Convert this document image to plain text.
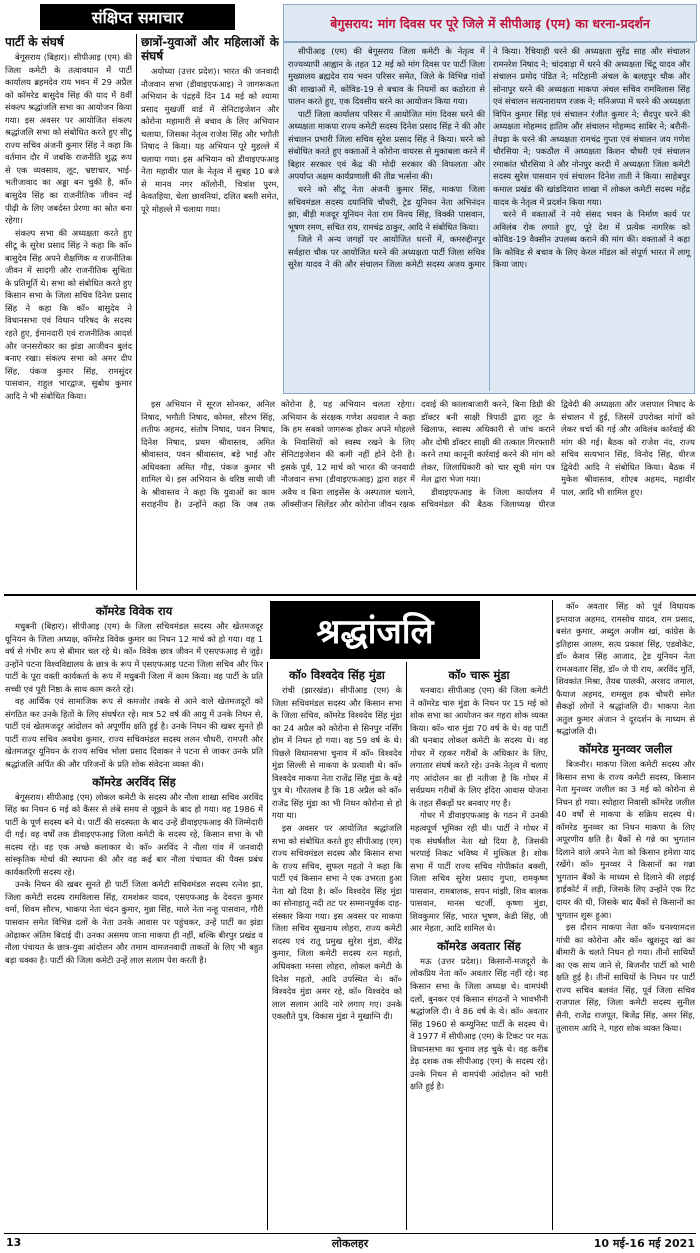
संक्षिप्त समाचार	बेगुसराय: मांग दिवस पर पूरे जिले में सीपीआइ (एम) का धरना-प्रदर्शन
पार्टी के संघर्ष

बेगूसराय (बिहार)। सीपीआइ (एम) की जिला कमेटी के तत्वावधान में पार्टी कार्यालय ब्रहमदेव राय भवन में 29 अप्रैल को कॉमरेड बासुदेव सिंह की याद में 8वीं संकल्प श्रद्धांजलि सभा का आयोजन किया गया। इस अवसर पर आयोजित संकल्प श्रद्धांजलि सभा को संबोधित करते हुए सीटू राज्य सचिव अंजनी कुमार सिंह ने कहा कि वर्तमान दौर में जबकि राजनीति शुद्ध रूप से एक व्यवसाय, लूट, भ्रष्टाचार, भाई-भतीजावाद का अड्डा बन चुकी है, कॉ० बासुदेव सिंह का राजनीतिक जीवन नई पीढ़ी के लिए जबर्दस्त प्रेरणा का स्रोत बना रहेगा।

संकल्प सभा की अध्यक्षता करते हुए सीटू के सुरेश प्रसाद सिंह ने कहा कि कॉ० बासुदेव सिंह अपने शैक्षणिक व राजनीतिक जीवन में सादगी और राजनीतिक सुचिता के प्रतिमूर्ति थे। सभा को संबोधित करते हुए किसान सभा के जिला सचिव दिनेश प्रसाद सिंह ने कहा कि कॉ० बासुदेव ने विधानसभा एवं विधान परिषद के सदस्य रहते हुए, ईमानदारी एवं राजनीतिक आदर्श और जनसरोकार का झंडा आजीवन बुलंद बनाए रखा। संकल्प सभा को अमर दीप सिंह, पंकज कुमार सिंह, रामसुंदर पासवान, राहुल भारद्वाज, सुबोध कुमार आदि ने भी संबोधित किया।

छात्रों-युवाओं और महिलाओं के संघर्ष

अयोध्या (उत्तर प्रदेश)। भारत की जनवादी नौजवान सभा (डीवाइएफआइ) ने जागरूकता अभियान के पंद्रहवें दिन 14 मई को श्यामा प्रसाद मुखर्जी वार्ड में सेनिटाइजेशन और कोरोना महामारी से बचाव के लिए अभियान चलाया, जिसका नेतृत्व राजेश सिंह और भगौती निषाद ने किया। यह अभियान पूरे मुहल्ले में चलाया गया। इस अभियान को डीवाइएफआइ नेता महावीर पाल के नेतृत्व में सुबह 10 बजे से मानव नगर कॉलोनी, चित्रांश पुरम, केवतहिया, चेला छावनियां, दलित बस्ती समेत, पूरे मोहल्ले में चलाया गया।

सीपीआइ (एम) की बेगूसराय जिला कमेटी के नेतृत्व में राज्यव्यापी आह्वान के तहत 12 मई को मांग दिवस पर पार्टी जिला मुख्यालय ब्रह्मदेव राय भवन परिसर समेत, जिले के विभिन्न गांवों की शाखाओं में, कोविड-19 से बचाव के नियमों का कठोरता से पालन करते हुए, एक दिवसीय धरने का आयोजन किया गया।

पार्टी जिला कार्यालय परिसर में आयोजित मांग दिवस धरने की अध्यक्षता माकपा राज्य कमेटी सदस्य दिनेश प्रसाद सिंह ने की और संचालन प्रभारी जिला सचिव सुरेश प्रसाद सिंह ने किया। धरने को संबोधित करते हुए वक्ताओं ने कोरोना वायरस से मुकाबला करने में बिहार सरकार एवं केंद्र की मोदी सरकार की विफलता और अपर्याप्त अक्षम कार्यप्रणाली की तीव्र भर्त्सना की।

धरने को सीटू नेता अंजनी कुमार सिंह, माकपा जिला सचिवमंडल सदस्य दयानिधि चौधरी, ट्रेड यूनियन नेता अभिनंदन झा, बीड़ी मजदूर यूनियन नेता राम विनय सिंह, विक्की पासवान, भूषण रमण, सचित राय, रामचंद्र ठाकुर, आदि ने संबोधित किया।

जिले में अन्य जगहों पर आयोजित धरनों में, कमरुद्दीनपुर सर्वहारा चौक पर आयोजित धरने की अध्यक्षता पार्टी जिला सचिव सुरेश यादव ने की और संचालन जिला कमेटी सदस्य अजय कुमार ने किया। रैचियाही धरने की अध्यक्षता सुरेंद्र साह और संचालन रामनरेश निषाद ने; चांदवाड़ा में धरने की अध्यक्षता चिंटू यादव और संचालन प्रमोद पंडित ने; मटिहानी अंचल के बलहपुर चौक और सोनापुर धरने की अध्यक्षता माकपा अंचल सचिव रामविलास सिंह एवं संचालन सत्यनारायण रजक ने; मनिअप्पा में धरने की अध्यक्षता विपिन कुमार सिंह एवं संचालन रंजीत कुमार ने; सैदपुर धरने की अध्यक्षता मोहम्मद हातिम और संचालन मोहम्मद साबिर ने; बरौनी-तेघड़ा के धरने की अध्यक्षता रामचंद्र गुप्ता एवं संचालन जय गणेश चौरसिया ने; पकठौल में अध्यक्षता किशन चौधरी एवं संचालन रमाकांत चौरसिया ने और नोनपुर करदी में अध्यक्षता जिला कमेटी सदस्य सुरेश पासवान एवं संचालन दिनेश ताती ने किया। साहेबपुर कमाल प्रखंड की खांडदियारा शाखा में लोकल कमेटी सदस्य महेंद्र यादव के नेतृत्व में प्रदर्शन किया गया।

धरने में वक्ताओं ने नये संसद भवन के निर्माण कार्य पर अविलंब रोक लगाते हुए, पूरे देश में प्रत्येक नागरिक को कोविड-19 वैक्सीन उपलब्ध कराने की मांग की। वक्ताओं ने कहा कि कोविड से बचाव के लिए केरल मॉडल को संपूर्ण भारत में लागू किया जाए।

इस अभियान में सूरज सोनकर, अनिल निषाद, भगौती निषाद, कोमल, सौरभ सिंह, लतीफ अहमद, संतोष निषाद, पवन निषाद, दिनेश निषाद, प्रथम श्रीवास्तव, अमित श्रीवास्तव, पवन श्रीवास्तव, बड़े भाई और अधिवक्ता अमित गौड़, पंकज कुमार भी शामिल थे। इस अभियान के वरिष्ठ साथी जी के श्रीवास्तव ने कहा कि युवाओं का काम सराहनीय है। उन्होंने कहा कि जब तक कोरोना है, यह अभियान चलता रहेगा। अभियान के संरक्षक गणेश अग्रवाल ने कहा कि हम सबको जागरूक होकर अपने मोहल्ले के निवासियों को स्वस्थ रखने के लिए सेनिटाइजेशन की कमी नहीं होने देनी है। इसके पूर्व, 12 मार्च को भारत की जनवादी नौजवान सभा (डीवाइएफआइ) द्वारा शहर में अवैध व बिना लाइसेंस के अस्पताल चलाने, ऑक्सीजन सिलेंडर और कोरोना जीवन रक्षक दवाई की कालाबाजारी करने, बिना डिग्री की डॉक्टर बनी साक्षी त्रिपाठी द्वारा लूट के खिलाफ, स्वास्थ अधिकारी से जांच कराने और दोषी डॉक्टर साक्षी की तत्काल गिरफ्तारी करने तथा कानूनी कार्रवाई करने की मांग को लेकर, जिलाधिकारी को चार सूत्री मांग पत्र मेल द्वारा भेजा गया।

डीवाइएफआइ के जिला कार्यालय में सचिवमंडल की बैठक जिलाध्यक्ष धीरज द्विवेदी की अध्यक्षता और जसपाल निषाद के संचालन में हुई, जिसमें उपरोक्त मांगों को लेकर चर्चा की गई और अविलंब कार्रवाई की मांग की गई। बैठक को राजेश नंद, राज्य सचिव सत्यभान सिंह, विनोद सिंह, धीरज द्विवेदी आदि ने संबोधित किया। बैठक में मुकेश श्रीवास्तव, शोएब अहमद, महावीर पाल, आदि भी शामिल हुए।

श्रद्धांजलि
कॉमरेड विवेक राय

मधुबनी (बिहार)। सीपीआइ (एम) के जिला सचिवमंडल सदस्य और खेतमजदूर यूनियन के जिला अध्यक्ष, कॉमरेड विवेक कुमार का निधन 12 मार्च को हो गया। वह 1 वर्ष से गंभीर रूप से बीमार चल रहे थे। कॉ० विवेक छात्र जीवन में एसएफआइ से जुड़े। उन्होंने पटना विश्वविद्यालय के छात्र के रूप में एसएफआइ पटना जिला सचिव और फिर पार्टी के पूरा वक्ती कार्यकर्ता के रूप में मधुबनी जिला में काम किया। वह पार्टी के प्रति सच्ची एवं पूरी निष्ठा के साथ काम करते रहे।

वह आर्थिक एवं सामाजिक रूप से कमजोर तबके से आने वाले खेतमजदूरों को संगठित कर उनके हितों के लिए संघर्षरत रहे। मात्र 52 वर्ष की आयु में उनके निधन से, पार्टी एवं खेतमजदूर आंदोलन को अपूर्णीय क्षति हुई है। उनके निधन की खबर सुनते ही पार्टी राज्य सचिव अवधेश कुमार, राज्य सचिवमंडल सदस्य ललन चौधरी, रामपरी और खेतमजदूर यूनियन के राज्य सचिव भोला प्रसाद दिवाकर ने पटना से जाकर उनके प्रति श्रद्धांजलि अर्पित की और परिजनों के प्रति शोक संवेदना व्यक्त की।

कॉमरेड अरविंद सिंह

बेगूसराय। सीपीआइ (एम) लोकल कमेटी के सदस्य और नौला शाखा सचिव अरविंद सिंह का निधन 6 मई को कैंसर से लंबे समय से जूझने के बाद हो गया। वह 1986 में पार्टी के पूर्ण सदस्य बने थे। पार्टी की सदस्यता के बाद उन्हें डीवाइएफआइ की जिम्मेदारी दी गई। वह वर्षों तक डीवाइएफआइ जिला कमेटी के सदस्य रहे, किसान सभा के भी सदस्य रहे। वह एक अच्छे कलाकार थे। कॉ० अरविंद ने नौला गांव में जनवादी सांस्कृतिक मोर्चा की स्थापना की और वह कई बार नौला पंचायत की पैक्स प्रबंध कार्यकारिणी सदस्य रहे।

उनके निधन की खबर सुनते ही पार्टी जिला कमेटी सचिवमंडल सदस्य रत्नेश झा, जिला कमेटी सदस्य रामविलास सिंह, रामशंकर यादव, एसएफआइ के देवदत्त कुमार वर्मा, शिवम सौरभ, भाकपा नेता चंदन कुमार, मुन्ना सिंह, माले नेता नन्हू पासवान, गौरी पासवान समेत विभिन्न दलों के नेता उनके आवास पर पहुंचकर, उन्हें पार्टी का झंडा ओढ़ाकर अंतिम बिदाई दी। उनका असमय जाना माकपा ही नहीं, बल्कि बीरपुर प्रखंड व नौला पंचायत के छात्र-युवा आंदोलन और तमाम वामजनवादी ताकतों के लिए भी बहुत बड़ा धक्का है। पार्टी की जिला कमेटी उन्हें लाल सलाम पेश करती है।

कॉ० विश्वदेव सिंह मुंडा

रांची (झारखंड)। सीपीआइ (एम) के जिला सचिवमंडल सदस्य और किसान सभा के जिला सचिव, कॉमरेड विश्वदेव सिंह मुंडा का 24 अप्रैल को कोरोना से सिनपुर नर्सिंग होम में निधन हो गया। वह 59 वर्ष के थे। पिछले विधानसभा चुनाव में कॉ० विश्वदेव मुंडा सिल्ली से माकपा के प्रत्याशी थे। कॉ० विश्वदेव माकपा नेता राजेंद्र सिंह मुंडा के बड़े पुत्र थे। गौरतलब है कि 18 अप्रैल को कॉ० राजेंद्र सिंह मुंडा का भी निधन कोरोना से हो गया था।

इस अवसर पर आयोजित श्रद्धांजलि सभा को संबोधित करते हुए सीपीआइ (एम) राज्य सचिवमंडल सदस्य और किसान सभा के राज्य सचिव, सुफल महतो ने कहा कि पार्टी एवं किसान सभा ने एक उभरता हुआ नेता खो दिया है। कॉ० विश्वदेव सिंह मुंडा का सोनाहातू नदी तट पर सम्मानपूर्वक दाह-संस्कार किया गया। इस अवसर पर माकपा जिला सचिव सुखनाथ लोहरा, राज्य कमेटी सदस्य एवं रातू प्रमुख सुरेश मुंडा, वीरेंद्र कुमार, जिला कमेटी सदस्य रत्न महतो, अधिवक्ता मनसा लोहरा, लोकल कमेटी के दिनेश महतो, आदि उपस्थित थे। कॉ० विश्वदेव मुंडा अमर रहे, कॉ० विश्वदेव को लाल सलाम आदि नारे लगाए गए। उनके एकलौते पुत्र, विकास मुंडा ने मुखाग्नि दी।

कॉ० चारू मुंडा

धनबाद। सीपीआइ (एम) की जिला कमेटी ने कॉमरेड चारु मुंडा के निधन पर 15 मई को शोक सभा का आयोजन कर गहरा शोक व्यक्त किया। कॉ० चारु मुंडा 70 वर्ष के थे। वह पार्टी की धनबाद लोकल कमेटी के सदस्य थे। वह गोधर में रहकर गरीबों के अधिकार के लिए, लगातार संघर्ष करते रहे। उनके नेतृत्व में चलाए गए आंदोलन का ही नतीजा है कि गोधर में सर्वप्रथम गरीबों के लिए इंदिरा आवास योजना के तहत सैंकड़ों घर बनवाए गए हैं।

गोधर में डीवाइएफआइ के गठन में उनकी महत्वपूर्ण भूमिका रही थी। पार्टी ने गोधर में एक संघर्षशील नेता खो दिया है, जिसकी भरपाई निकट भविष्य में मुश्किल है। शोक सभा में पार्टी राज्य सचिव गोपीकांत बक्शी, जिला सचिव सुरेश प्रसाद गुप्ता, रामकृष्ण पासवान, रामबालक, सपन मांझी, शिव बालक पासवान, मानस चटर्जी, कृष्णा मुंडा, शिवकुमार सिंह, भारत भूषण, केडी सिंह, जी आर मेहता, आदि शामिल थे।

कॉमरेड अवतार सिंह

मऊ (उत्तर प्रदेश)। किसानों-मजदूरों के लोकप्रिय नेता कॉ० अवतार सिंह नहीं रहे। वह किसान सभा के जिला अध्यक्ष थे। वामपंथी दलों, बुनकर एवं किसान संगठनों ने भावभीनी श्रद्धांजलि दी। वे 86 वर्ष के थे। कॉ० अवतार सिंह 1960 से कम्युनिस्ट पार्टी के सदस्य थे। वे 1977 में सीपीआइ (एम) के टिकट पर मऊ विधानसभा का चुनाव लड़ चुके थे। वह करीब डेढ़ दशक तक सीपीआइ (एम) के सदस्य रहे। उनके निधन से वामपंथी आंदोलन को भारी क्षति हुई है।

कॉ० अवतार सिंह को पूर्व विधायक इम्तयाज अहमद, रामसोच यादव, राम प्रसाद, बसंत कुमार, अब्दुल अजीम खां, कांग्रेस के इतिहास आलम, सत्य प्रकाश सिंह, एडवोकेट, डॉ० केशव सिंह आजाद, ट्रेड यूनियन नेता रामअवतार सिंह, डॉ० जे पी राय, अरविंद मुर्ति, शिवकांत मिश्रा, तैयब पालकी, अरशद जमाल, फैयाज अहमद, शमसुल हक चौधरी समेत सैकड़ों लोगों ने श्रद्धांजलि दी। भाकपा नेता अतुल कुमार अंजान ने दूरदर्शन के माध्यम से श्रद्धांजलि दी।

कॉमरेड मुनव्वर जलील

बिजनौर। माकपा जिला कमेटी सदस्य और किसान सभा के राज्य कमेटी सदस्य, किसान नेता मुनव्वर जलील का 3 मई को कोरोना से निधन हो गया। स्योहारा निवासी कॉमरेड जलील 40 वर्षों से माकपा के सक्रिय सदस्य थे। कॉमरेड मुनव्वर का निधन माकपा के लिए अपूरणीय क्षति है। बैंकों से गन्ने का भुगतान दिलाने वाले अपने नेता को किसान हमेशा याद रखेंगे। कॉ० मुनव्वर ने किसानों का गन्ना भुगतान बैंकों के माध्यम से दिलाने की लड़ाई हाईकोर्ट में लड़ी, जिसके लिए उन्होंने एक रिट दायर की थी, जिसके बाद बैंकों से किसानों का भुगतान शुरू हुआ।

इस दौरान माकपा नेता कॉ० घनश्यामदत्त गांधी का कोरोना और कॉ० खुशनूद खां का बीमारी के चलते निधन हो गया। तीनों साथियों का एक साथ जाने से, बिजनौर पार्टी को भारी क्षति हुई है। तीनों साथियों के निधन पर पार्टी राज्य सचिव बलवंत सिंह, पूर्व जिला सचिव राजपाल सिंह, जिला कमेटी सदस्य सुनील सैनी, राजेंद्र राजपूत, बिजेंद्र सिंह, अमर सिंह, तुलाराम आदि ने, गहरा शोक व्यक्त किया।

13	लोकलहर	10 मई-16 मई 2021
